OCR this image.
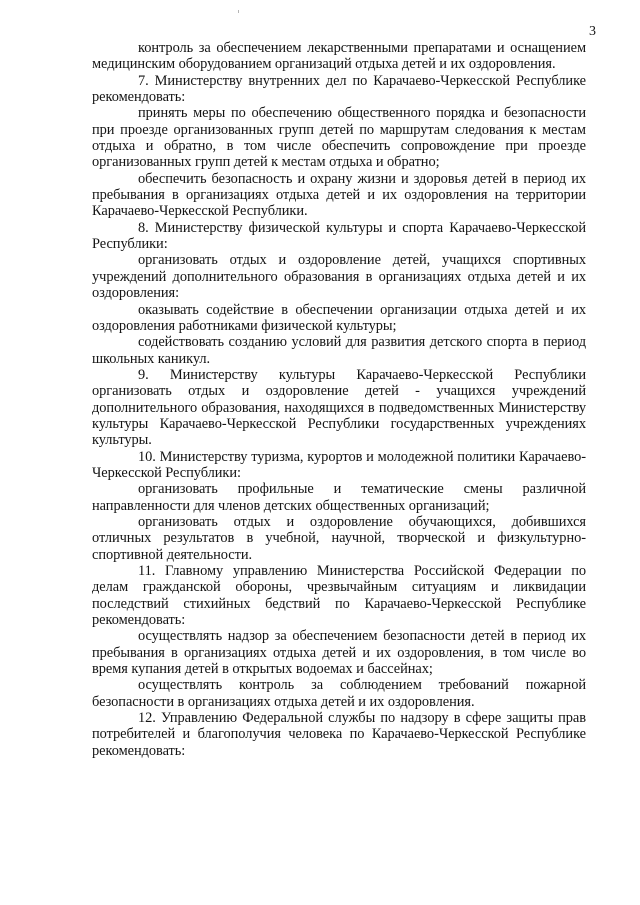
3

контроль за обеспечением лекарственными препаратами и оснащением медицинским оборудованием организаций отдыха детей и их оздоровления.

7. Министерству внутренних дел по Карачаево-Черкесской Республике рекомендовать:

принять меры по обеспечению общественного порядка и безопасности при проезде организованных групп детей по маршрутам следования к местам отдыха и обратно, в том числе обеспечить сопровождение при проезде организованных групп детей к местам отдыха и обратно;

обеспечить безопасность и охрану жизни и здоровья детей в период их пребывания в организациях отдыха детей и их оздоровления на территории Карачаево-Черкесской Республики.

8. Министерству физической культуры и спорта Карачаево-Черкесской Республики:

организовать отдых и оздоровление детей, учащихся спортивных учреждений дополнительного образования в организациях отдыха детей и их оздоровления:

оказывать содействие в обеспечении организации отдыха детей и их оздоровления работниками физической культуры;

содействовать созданию условий для развития детского спорта в период школьных каникул.

9. Министерству культуры Карачаево-Черкесской Республики организовать отдых и оздоровление детей - учащихся учреждений дополнительного образования, находящихся в подведомственных Министерству культуры Карачаево-Черкесской Республики государственных учреждениях культуры.

10. Министерству туризма, курортов и молодежной политики Карачаево-Черкесской Республики:

организовать профильные и тематические смены различной направленности для членов детских общественных организаций;

организовать отдых и оздоровление обучающихся, добившихся отличных результатов в учебной, научной, творческой и физкультурно-спортивной деятельности.

11. Главному управлению Министерства Российской Федерации по делам гражданской обороны, чрезвычайным ситуациям и ликвидации последствий стихийных бедствий по Карачаево-Черкесской Республике рекомендовать:

осуществлять надзор за обеспечением безопасности детей в период их пребывания в организациях отдыха детей и их оздоровления, в том числе во время купания детей в открытых водоемах и бассейнах;

осуществлять контроль за соблюдением требований пожарной безопасности в организациях отдыха детей и их оздоровления.

12. Управлению Федеральной службы по надзору в сфере защиты прав потребителей и благополучия человека по Карачаево-Черкесской Республике рекомендовать:
